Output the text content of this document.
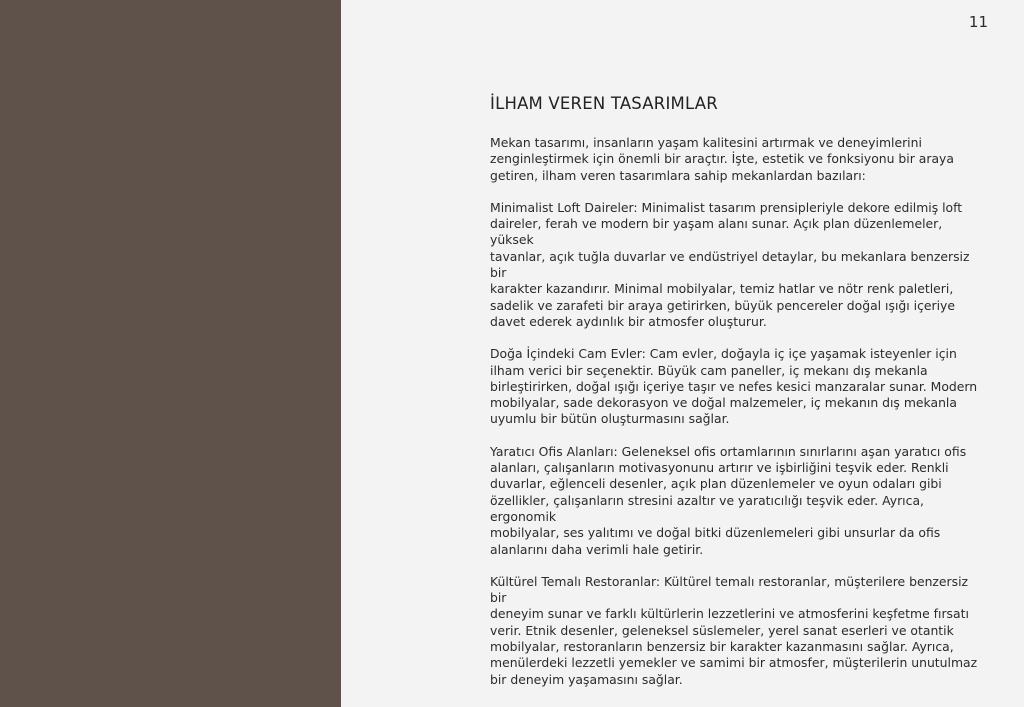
11
İLHAM VEREN TASARIMLAR

Mekan tasarımı, insanların yaşam kalitesini artırmak ve deneyimlerini
zenginleştirmek için önemli bir araçtır. İşte, estetik ve fonksiyonu bir araya
getiren, ilham veren tasarımlara sahip mekanlardan bazıları:

Minimalist Loft Daireler: Minimalist tasarım prensipleriyle dekore edilmiş loft
daireler, ferah ve modern bir yaşam alanı sunar. Açık plan düzenlemeler, yüksek
tavanlar, açık tuğla duvarlar ve endüstriyel detaylar, bu mekanlara benzersiz bir
karakter kazandırır. Minimal mobilyalar, temiz hatlar ve nötr renk paletleri,
sadelik ve zarafeti bir araya getirirken, büyük pencereler doğal ışığı içeriye
davet ederek aydınlık bir atmosfer oluşturur.

Doğa İçindeki Cam Evler: Cam evler, doğayla iç içe yaşamak isteyenler için
ilham verici bir seçenektir. Büyük cam paneller, iç mekanı dış mekanla
birleştirirken, doğal ışığı içeriye taşır ve nefes kesici manzaralar sunar. Modern
mobilyalar, sade dekorasyon ve doğal malzemeler, iç mekanın dış mekanla
uyumlu bir bütün oluşturmasını sağlar.

Yaratıcı Ofis Alanları: Geleneksel ofis ortamlarının sınırlarını aşan yaratıcı ofis
alanları, çalışanların motivasyonunu artırır ve işbirliğini teşvik eder. Renkli
duvarlar, eğlenceli desenler, açık plan düzenlemeler ve oyun odaları gibi
özellikler, çalışanların stresini azaltır ve yaratıcılığı teşvik eder. Ayrıca, ergonomik
mobilyalar, ses yalıtımı ve doğal bitki düzenlemeleri gibi unsurlar da ofis
alanlarını daha verimli hale getirir.

Kültürel Temalı Restoranlar: Kültürel temalı restoranlar, müşterilere benzersiz bir
deneyim sunar ve farklı kültürlerin lezzetlerini ve atmosferini keşfetme fırsatı
verir. Etnik desenler, geleneksel süslemeler, yerel sanat eserleri ve otantik
mobilyalar, restoranların benzersiz bir karakter kazanmasını sağlar. Ayrıca,
menülerdeki lezzetli yemekler ve samimi bir atmosfer, müşterilerin unutulmaz
bir deneyim yaşamasını sağlar.
